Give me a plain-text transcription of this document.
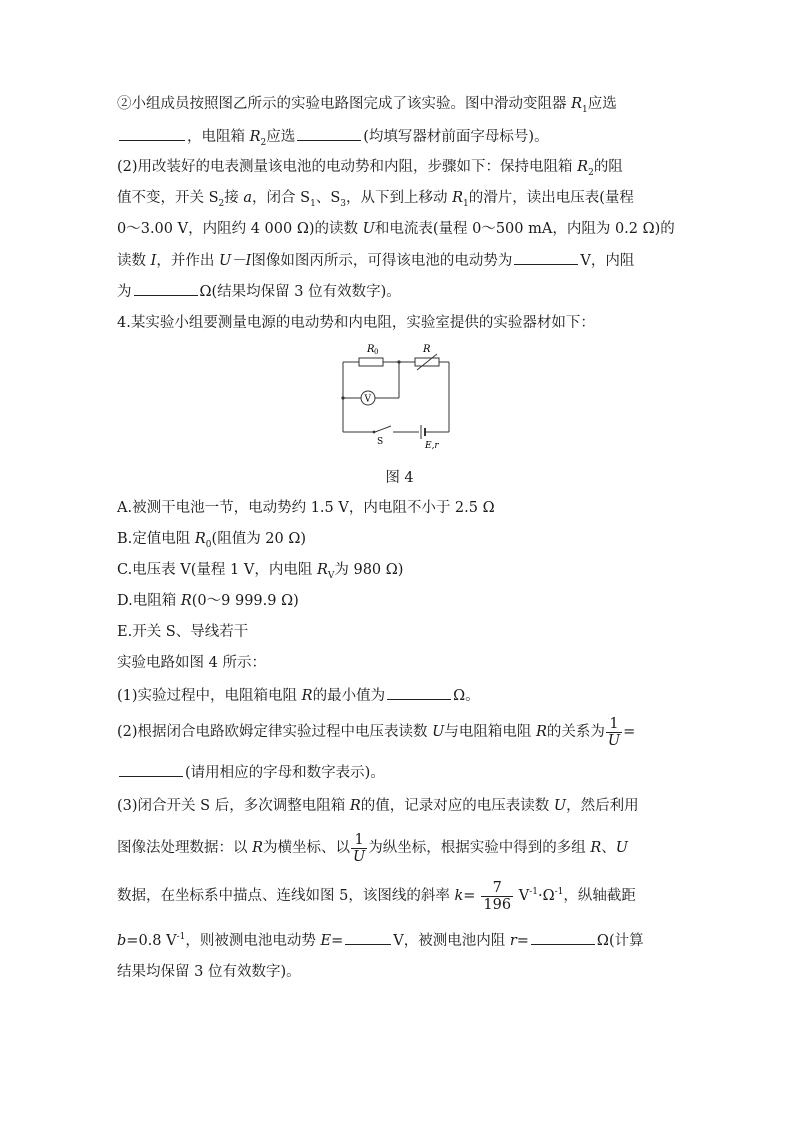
②小组成员按照图乙所示的实验电路图完成了该实验。图中滑动变阻器 $R_1$应选
，电阻箱 $R_2$应选	(均填写器材前面字母标号)。
(2)用改装好的电表测量该电池的电动势和内阻，步骤如下：保持电阻箱 $R_2$的阻
值不变，开关 $S_2$接 a，闭合 $S_1$、$S_3$，从下到上移动 $R_1$的滑片，读出电压表(量程
0～3.00 V，内阻约 4 000 Ω)的读数 U和电流表(量程 0～500 mA，内阻为 0.2 Ω)的
读数 I，并作出 U－I图像如图丙所示，可得该电池的电动势为	V，内阻
为	Ω(结果均保留 3 位有效数字)。
4.某实验小组要测量电源的电动势和内电阻，实验室提供的实验器材如下：
R 0	R
V
S	E,r
图 4
A.被测干电池一节，电动势约 1.5 V，内电阻不小于 2.5 Ω
B.定值电阻 $R_0$(阻值为 20 Ω)
C.电压表 V(量程 1 V，内电阻 $R_V$为 980 Ω)
D.电阻箱 R(0～9 999.9 Ω)
E.开关 S、导线若干
实验电路如图 4 所示：
(1)实验过程中，电阻箱电阻 R的最小值为	Ω。
(2)根据闭合电路欧姆定律实验过程中电压表读数 U与电阻箱电阻 R的关系为 $\frac{1}{U}$ =
(请用相应的字母和数字表示)。
(3)闭合开关 S 后，多次调整电阻箱 R的值，记录对应的电压表读数 U，然后利用
图像法处理数据：以 R为横坐标、以 $\frac{1}{U}$ 为纵坐标，根据实验中得到的多组 R、U
数据，在坐标系中描点、连线如图 5，该图线的斜率 $k= \frac{7}{196} V^{-1}\cdot\Omega^{-1}$，纵轴截距
b=0.8 $V^{-1}$，则被测电池电动势 E=	V，被测电池内阻 r=	Ω(计算
结果均保留 3 位有效数字)。
